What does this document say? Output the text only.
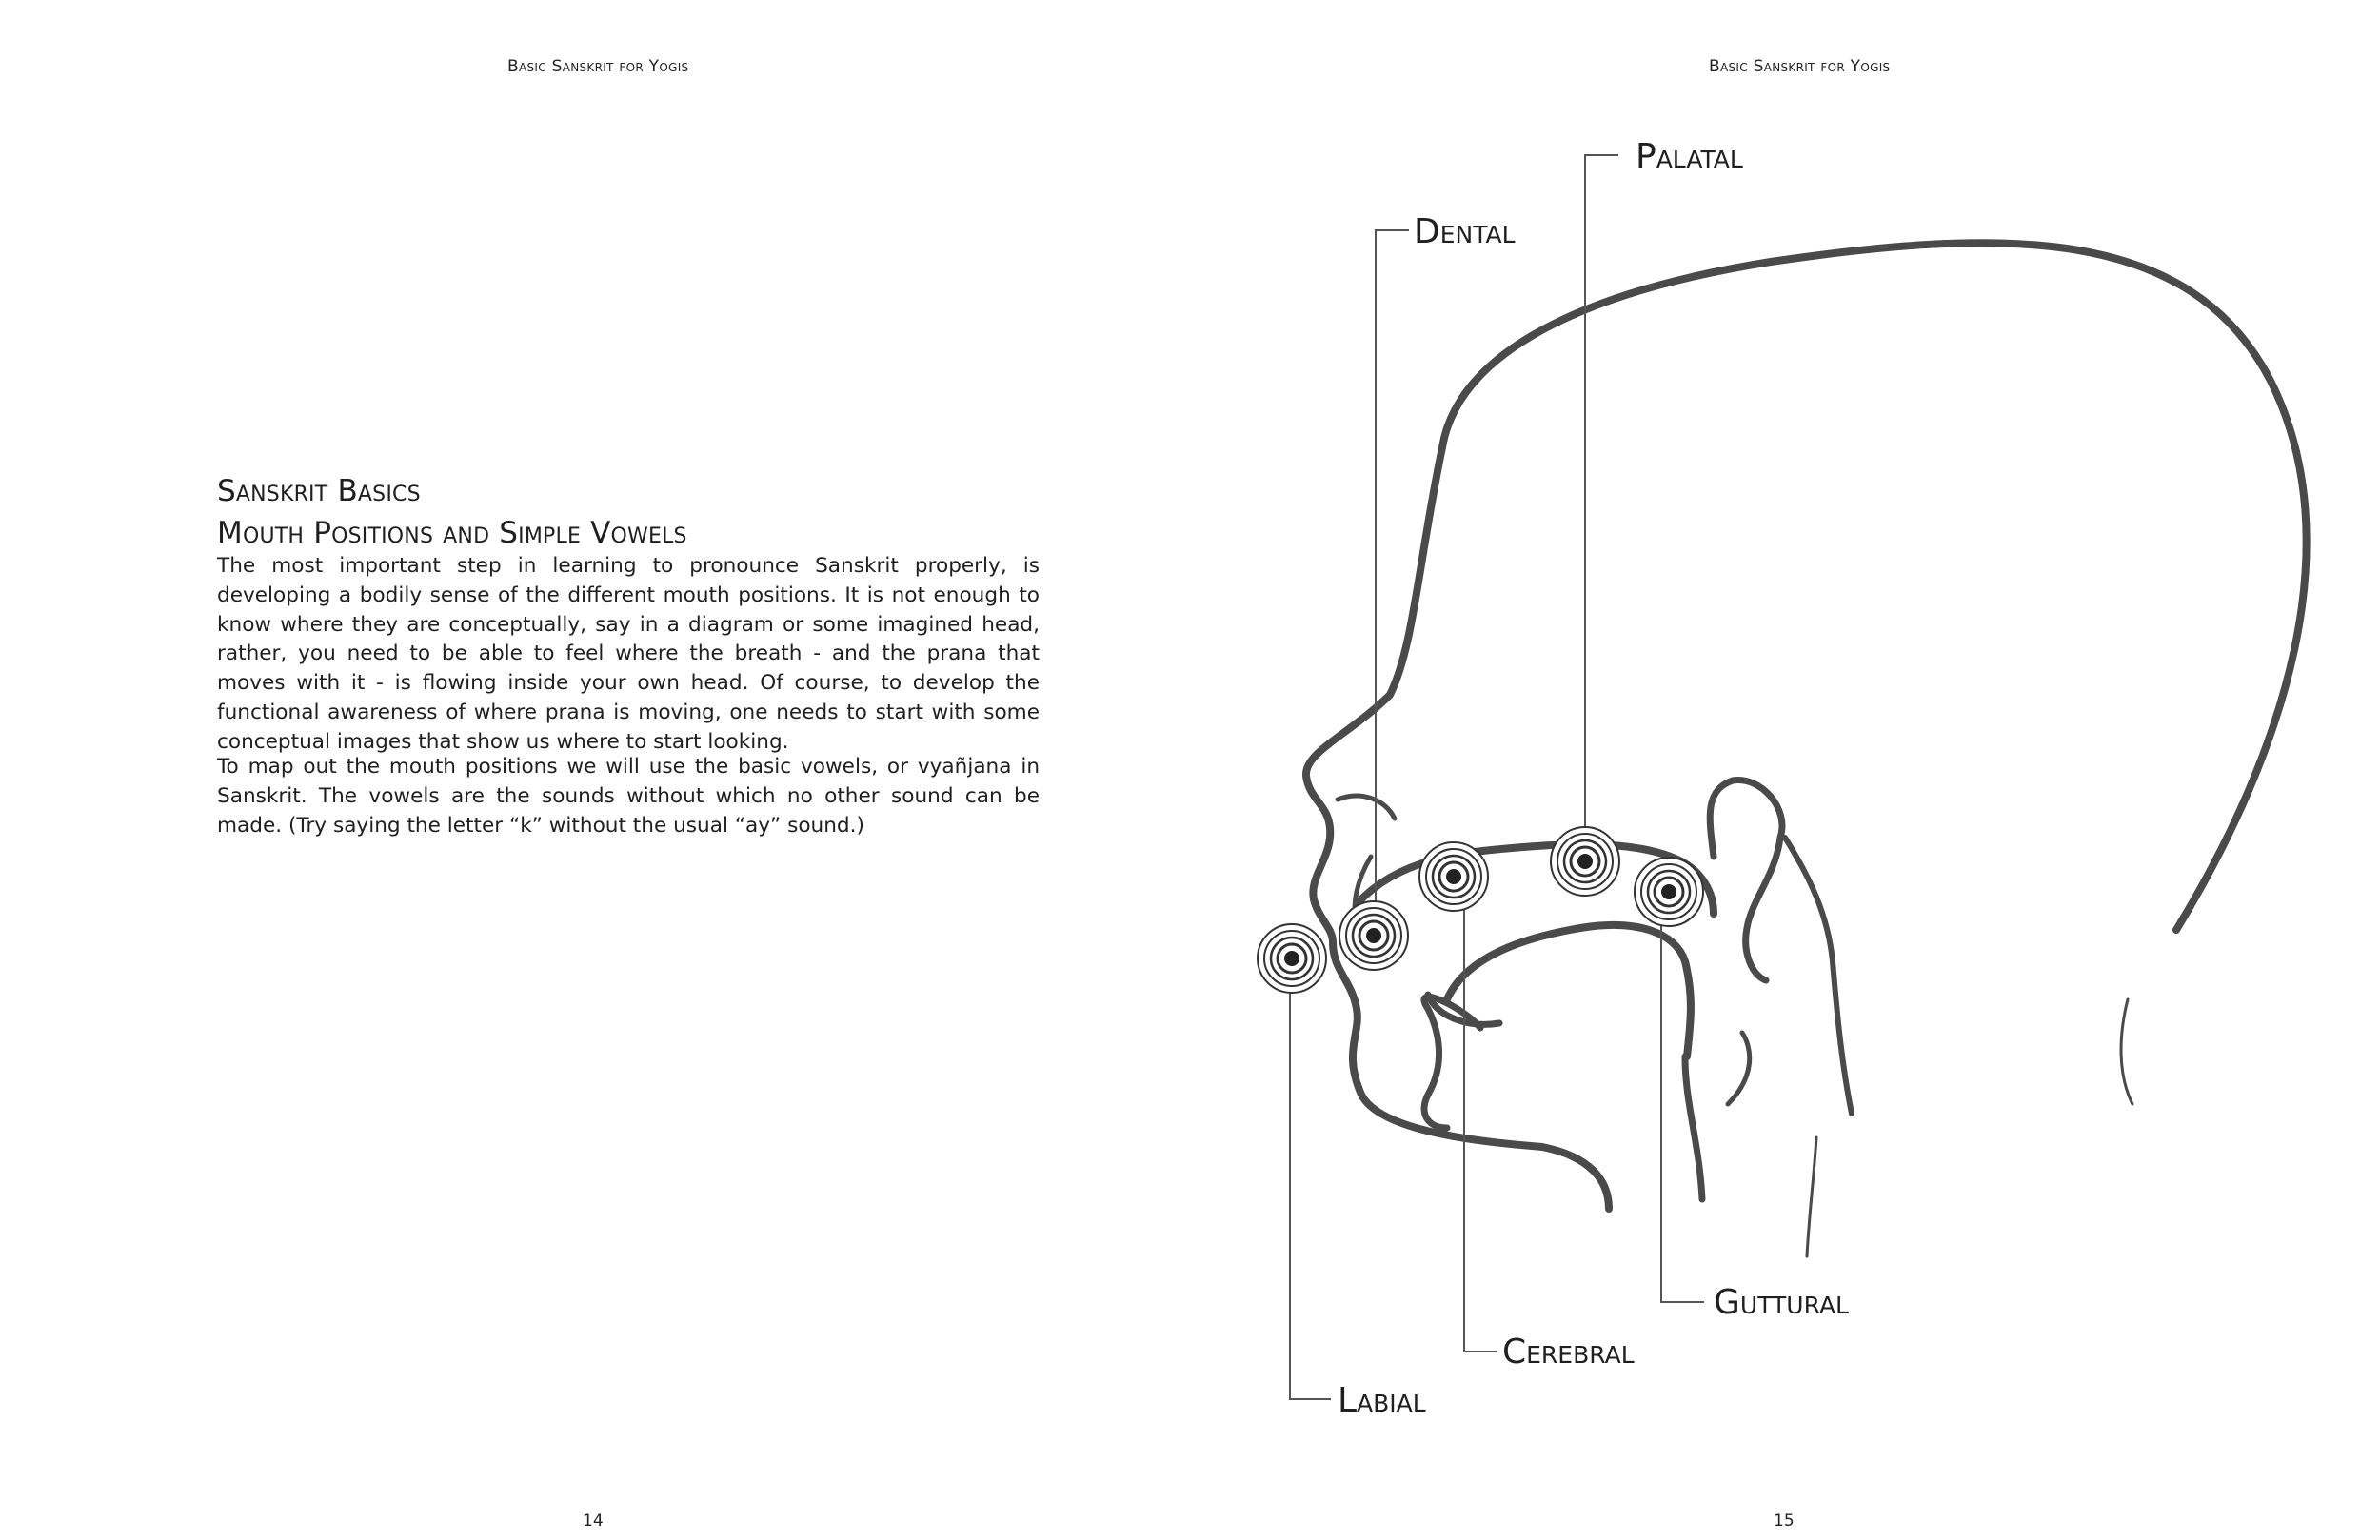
Basic Sanskrit for Yogis
Sanskrit Basics
Mouth Positions and Simple Vowels

The most important step in learning to pronounce Sanskrit properly, is developing a bodily sense of the different mouth positions. It is not enough to know where they are conceptually, say in a diagram or some imagined head, rather, you need to be able to feel where the breath - and the prana that moves with it - is flowing inside your own head. Of course, to develop the functional awareness of where prana is moving, one needs to start with some conceptual images that show us where to start looking.

To map out the mouth positions we will use the basic vowels, or vyañjana in Sanskrit. The vowels are the sounds without which no other sound can be made. (Try saying the letter “k” without the usual “ay” sound.)

14
Basic Sanskrit for Yogis
15
Palatal
Dental
Guttural
Cerebral
Labial
